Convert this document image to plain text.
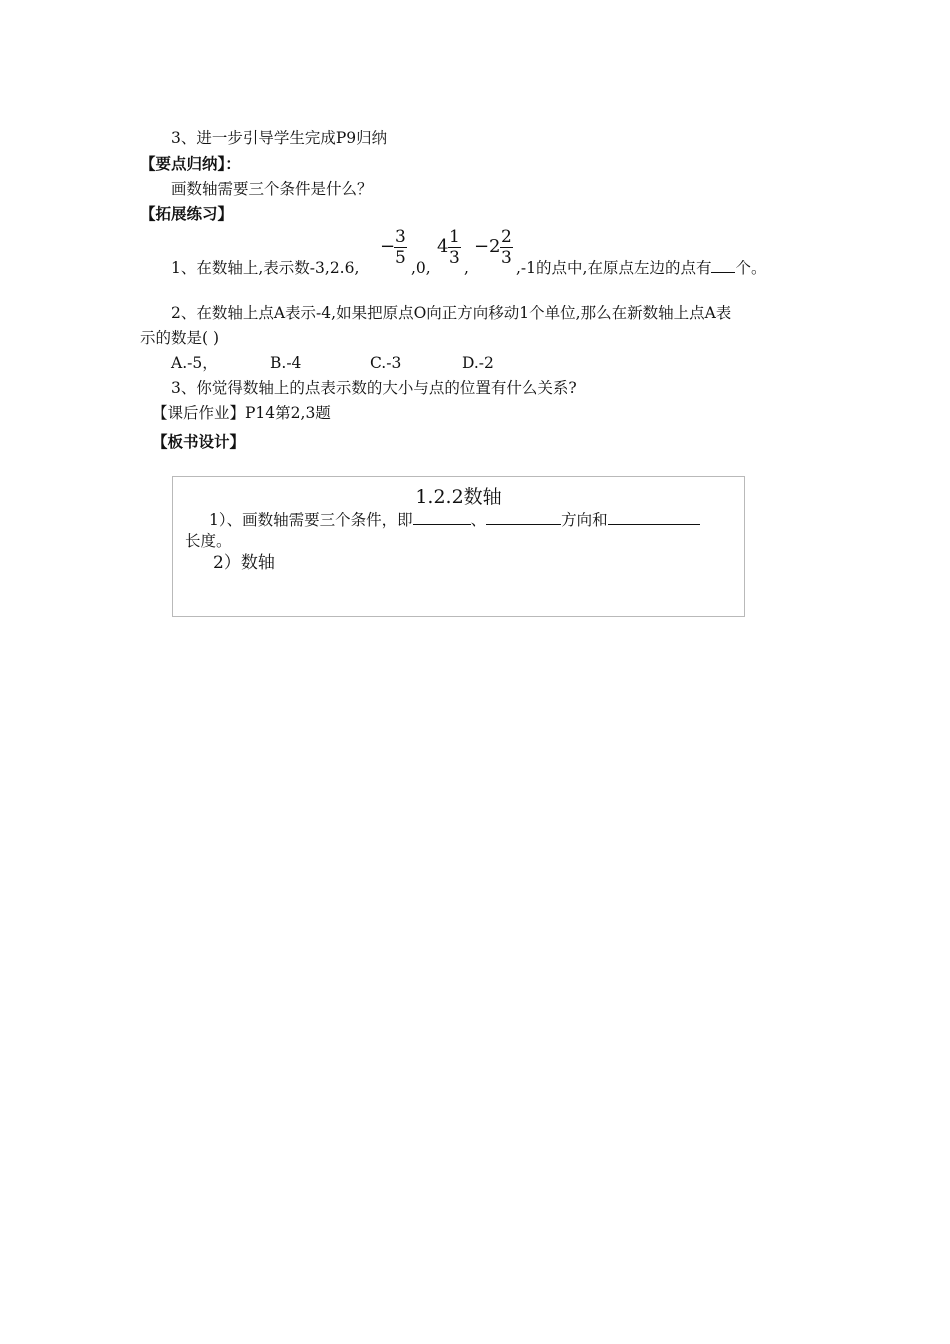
3、进一步引导学生完成P9归纳
【要点归纳】：
画数轴需要三个条件是什么？
【拓展练习】
1、在数轴上,表示数-3,2.6,
− 3
5 ,0,
4 1
3 ,
− 2 2
3 ,-1的点中,在原点左边的点有 个。
2、在数轴上点A表示-4,如果把原点O向正方向移动1个单位,那么在新数轴上点A表
示的数是( )
A.-5，	B.-4	C.-3	D.-2
3、你觉得数轴上的点表示数的大小与点的位置有什么关系?
【课后作业】P14第2,3题
【板书设计】
1.2.2数轴
1）、画数轴需要三个条件，即	、	方向和
长度。
2）数轴
